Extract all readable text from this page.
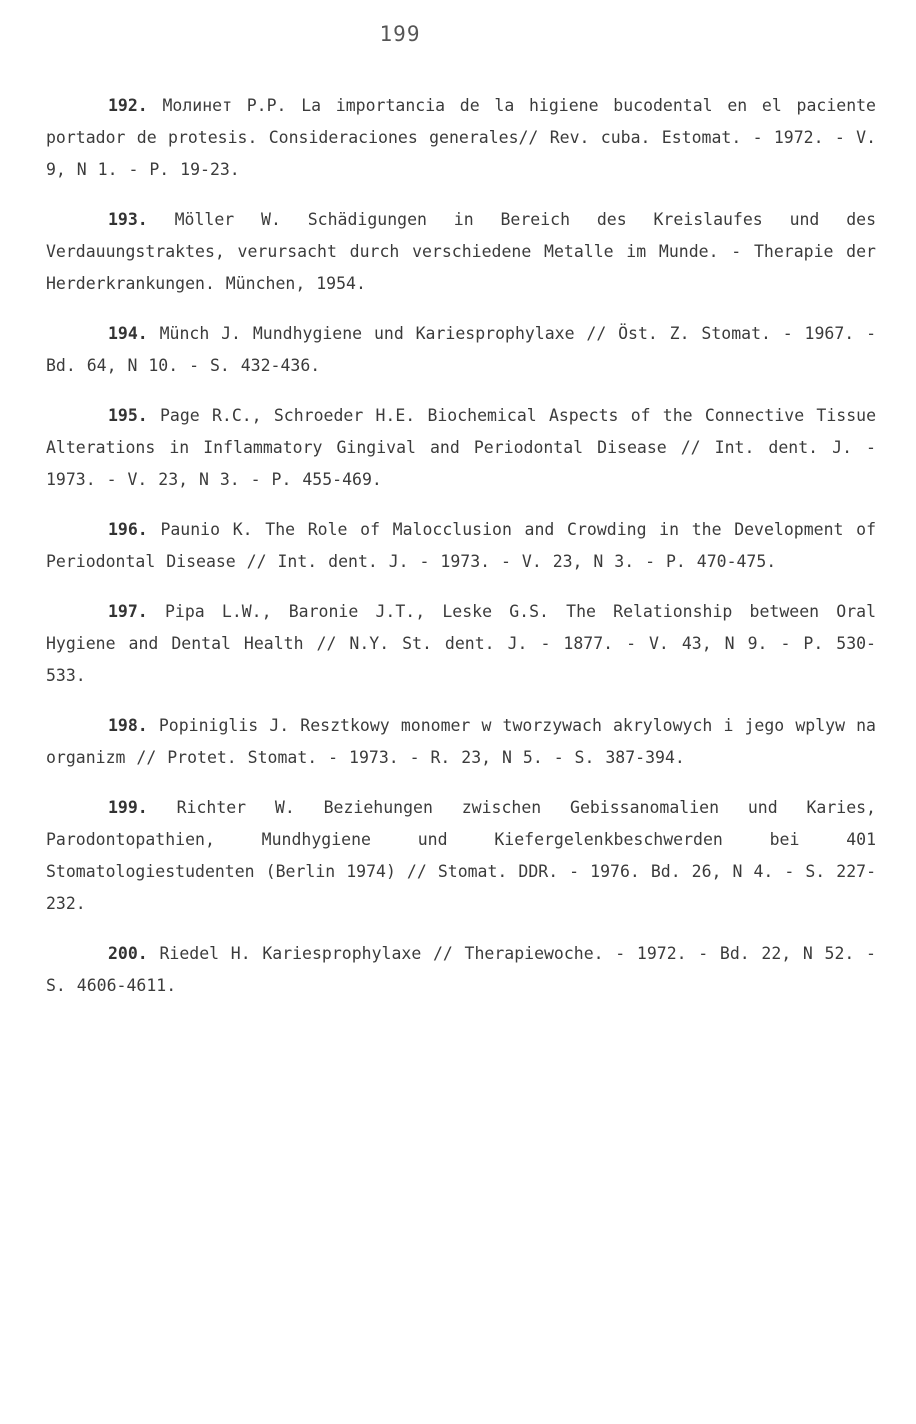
199

192. Молинет Р.Р. La importancia de la higiene bucodental en el paciente portador de protesis. Consideraciones generales// Rev. cuba. Estomat. - 1972. - V. 9, N 1. - P. 19-23.

193. Möller W. Schädigungen in Bereich des Kreislaufes und des Verdauungstraktes, verursacht durch verschiedene Metalle im Munde. - Therapie der Herderkrankungen. München, 1954.

194. Münch J. Mundhygiene und Kariesprophylaxe // Öst. Z. Stomat. - 1967. - Bd. 64, N 10. - S. 432-436.

195. Page R.C., Schroeder H.E. Biochemical Aspects of the Connective Tissue Alterations in Inflammatory Gingival and Periodontal Disease // Int. dent. J. - 1973. - V. 23, N 3. - P. 455-469.

196. Paunio K. The Role of Malocclusion and Crowding in the Development of Periodontal Disease // Int. dent. J. - 1973. - V. 23, N 3. - P. 470-475.

197. Pipa L.W., Baronie J.T., Leske G.S. The Relationship between Oral Hygiene and Dental Health // N.Y. St. dent. J. - 1877. - V. 43, N 9. - P. 530-533.

198. Popiniglis J. Resztkowy monomer w tworzywach akrylowych i jego wplyw na organizm // Protet. Stomat. - 1973. - R. 23, N 5. - S. 387-394.

199. Richter W. Beziehungen zwischen Gebissanomalien und Karies, Parodontopathien, Mundhygiene und Kiefergelenkbeschwerden bei 401 Stomatologiestudenten (Berlin 1974) // Stomat. DDR. - 1976. Bd. 26, N 4. - S. 227-232.

200. Riedel H. Kariesprophylaxe // Therapiewoche. - 1972. - Bd. 22, N 52. - S. 4606-4611.
